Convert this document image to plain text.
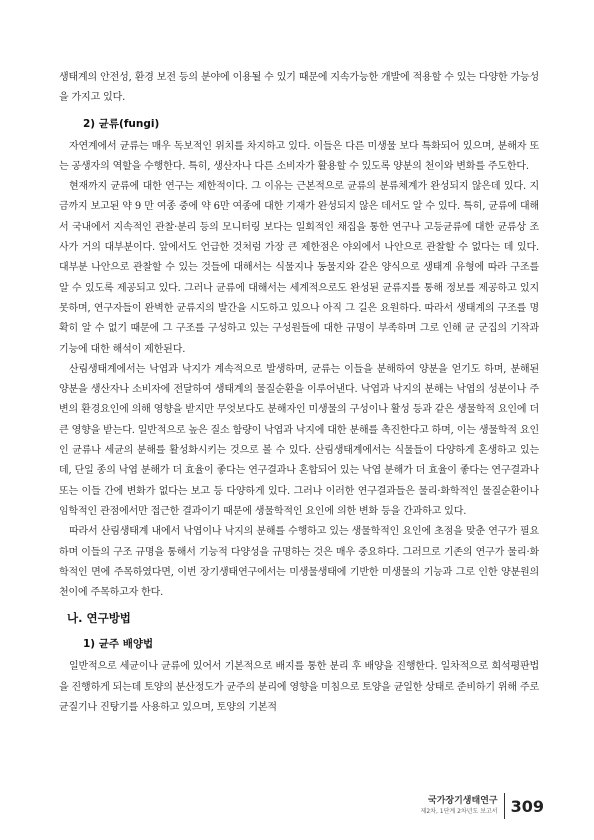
생태계의 안전성, 환경 보전 등의 분야에 이용될 수 있기 때문에 지속가능한 개발에 적용할 수 있는 다양한 가능성을 가지고 있다.

2) 균류(fungi)

자연계에서 균류는 매우 독보적인 위치를 차지하고 있다. 이들은 다른 미생물 보다 특화되어 있으며, 분해자 또는 공생자의 역할을 수행한다. 특히, 생산자나 다른 소비자가 활용할 수 있도록 양분의 천이와 변화를 주도한다.

현재까지 균류에 대한 연구는 제한적이다. 그 이유는 근본적으로 균류의 분류체계가 완성되지 않은데 있다. 지금까지 보고된 약 9 만 여종 중에 약 6만 여종에 대한 기재가 완성되지 않은 데서도 알 수 있다. 특히, 균류에 대해서 국내에서 지속적인 관찰·분리 등의 모니터링 보다는 일회적인 채집을 통한 연구나 고등균류에 대한 균류상 조사가 거의 대부분이다. 앞에서도 언급한 것처럼 가장 큰 제한점은 야외에서 나안으로 관찰할 수 없다는 데 있다. 대부분 나안으로 관찰할 수 있는 것들에 대해서는 식물지나 동물지와 같은 양식으로 생태계 유형에 따라 구조를 알 수 있도록 제공되고 있다. 그러나 균류에 대해서는 세계적으로도 완성된 균류지를 통해 정보를 제공하고 있지 못하며, 연구자들이 완벽한 균류지의 발간을 시도하고 있으나 아직 그 길은 요원하다. 따라서 생태계의 구조를 명확히 알 수 없기 때문에 그 구조를 구성하고 있는 구성원들에 대한 규명이 부족하며 그로 인해 균 군집의 기작과 기능에 대한 해석이 제한된다.

산림생태계에서는 낙엽과 낙지가 계속적으로 발생하며, 균류는 이들을 분해하여 양분을 얻기도 하며, 분해된 양분을 생산자나 소비자에 전달하여 생태계의 물질순환을 이루어낸다. 낙엽과 낙지의 분해는 낙엽의 성분이나 주변의 환경요인에 의해 영향을 받지만 무엇보다도 분해자인 미생물의 구성이나 활성 등과 같은 생물학적 요인에 더 큰 영향을 받는다. 일반적으로 높은 질소 함량이 낙엽과 낙지에 대한 분해를 촉진한다고 하며, 이는 생물학적 요인인 균류나 세균의 분해를 활성화시키는 것으로 볼 수 있다. 산림생태계에서는 식물들이 다양하게 혼생하고 있는데, 단일 종의 낙엽 분해가 더 효율이 좋다는 연구결과나 혼합되어 있는 낙엽 분해가 더 효율이 좋다는 연구결과나 또는 이들 간에 변화가 없다는 보고 등 다양하게 있다. 그러나 이러한 연구결과들은 물리·화학적인 물질순환이나 임학적인 관점에서만 접근한 결과이기 때문에 생물학적인 요인에 의한 변화 등을 간과하고 있다.

따라서 산림생태계 내에서 낙엽이나 낙지의 분해를 수행하고 있는 생물학적인 요인에 초점을 맞춘 연구가 필요하며 이들의 구조 규명을 통해서 기능적 다양성을 규명하는 것은 매우 중요하다. 그러므로 기존의 연구가 물리·화학적인 면에 주목하였다면, 이번 장기생태연구에서는 미생물생태에 기반한 미생물의 기능과 그로 인한 양분원의 천이에 주목하고자 한다.

나. 연구방법
1) 균주 배양법

일반적으로 세균이나 균류에 있어서 기본적으로 배지를 통한 분리 후 배양을 진행한다. 일차적으로 희석평판법을 진행하게 되는데 토양의 분산정도가 균주의 분리에 영향을 미침으로 토양을 균일한 상태로 준비하기 위해 주로 균질기나 진탕기를 사용하고 있으며, 토양의 기본적

국가장기생태연구
제2차, 1단계 2차년도 보고서 309
